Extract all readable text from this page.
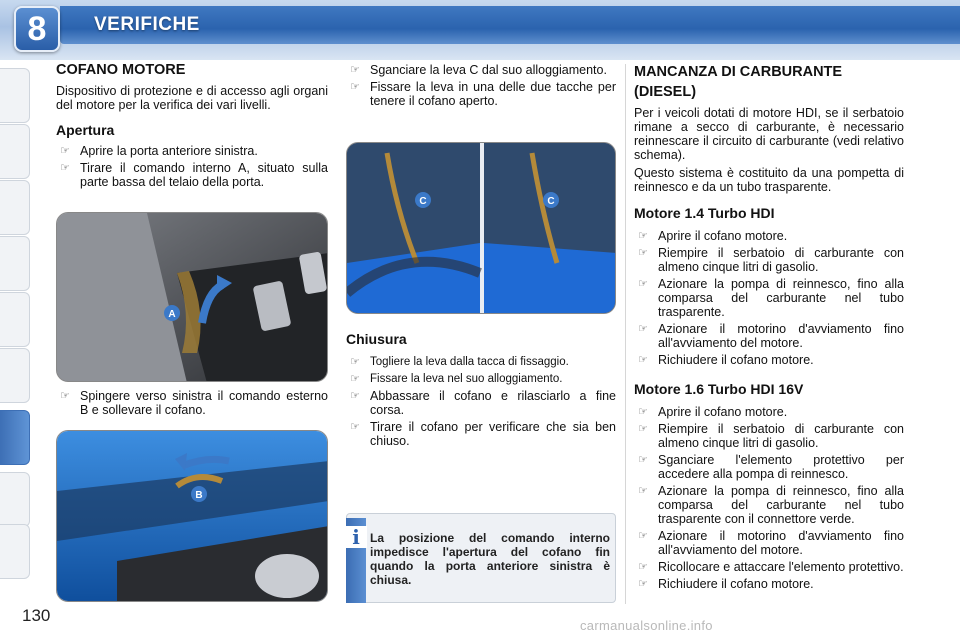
8	VERIFICHE
130
COFANO MOTORE

Dispositivo di protezione e di accesso agli organi del motore per la verifica dei vari livelli.

Apertura
☞ Aprire la porta anteriore sinistra.
☞ Tirare il comando interno A, situato sulla parte bassa del telaio della porta.
A
☞ Spingere verso sinistra il comando esterno B e sollevare il cofano.
B
☞ Sganciare la leva C dal suo alloggiamento.
☞ Fissare la leva in una delle due tacche per tenere il cofano aperto.
C	C
Chiusura
☞ Togliere la leva dalla tacca di fissaggio.
☞ Fissare la leva nel suo alloggiamento.
☞ Abbassare il cofano e rilasciarlo a fine corsa.
☞ Tirare il cofano per verificare che sia ben chiuso.
i La posizione del comando interno impedisce l'apertura del cofano fin quando la porta anteriore sinistra è chiusa.
MANCANZA DI CARBURANTE (DIESEL)

Per i veicoli dotati di motore HDI, se il serbatoio rimane a secco di carburante, è necessario reinnescare il circuito di carburante (vedi relativo schema).

Questo sistema è costituito da una pompetta di reinnesco e da un tubo trasparente.

Motore 1.4 Turbo HDI
☞ Aprire il cofano motore.
☞ Riempire il serbatoio di carburante con almeno cinque litri di gasolio.
☞ Azionare la pompa di reinnesco, fino alla comparsa del carburante nel tubo trasparente.
☞ Azionare il motorino d'avviamento fino all'avviamento del motore.
☞ Richiudere il cofano motore.
Motore 1.6 Turbo HDI 16V
☞ Aprire il cofano motore.
☞ Riempire il serbatoio di carburante con almeno cinque litri di gasolio.
☞ Sganciare l'elemento protettivo per accedere alla pompa di reinnesco.
☞ Azionare la pompa di reinnesco, fino alla comparsa del carburante nel tubo trasparente con il connettore verde.
☞ Azionare il motorino d'avviamento fino all'avviamento del motore.
☞ Ricollocare e attaccare l'elemento protettivo.
☞ Richiudere il cofano motore.
carmanualsonline.info
